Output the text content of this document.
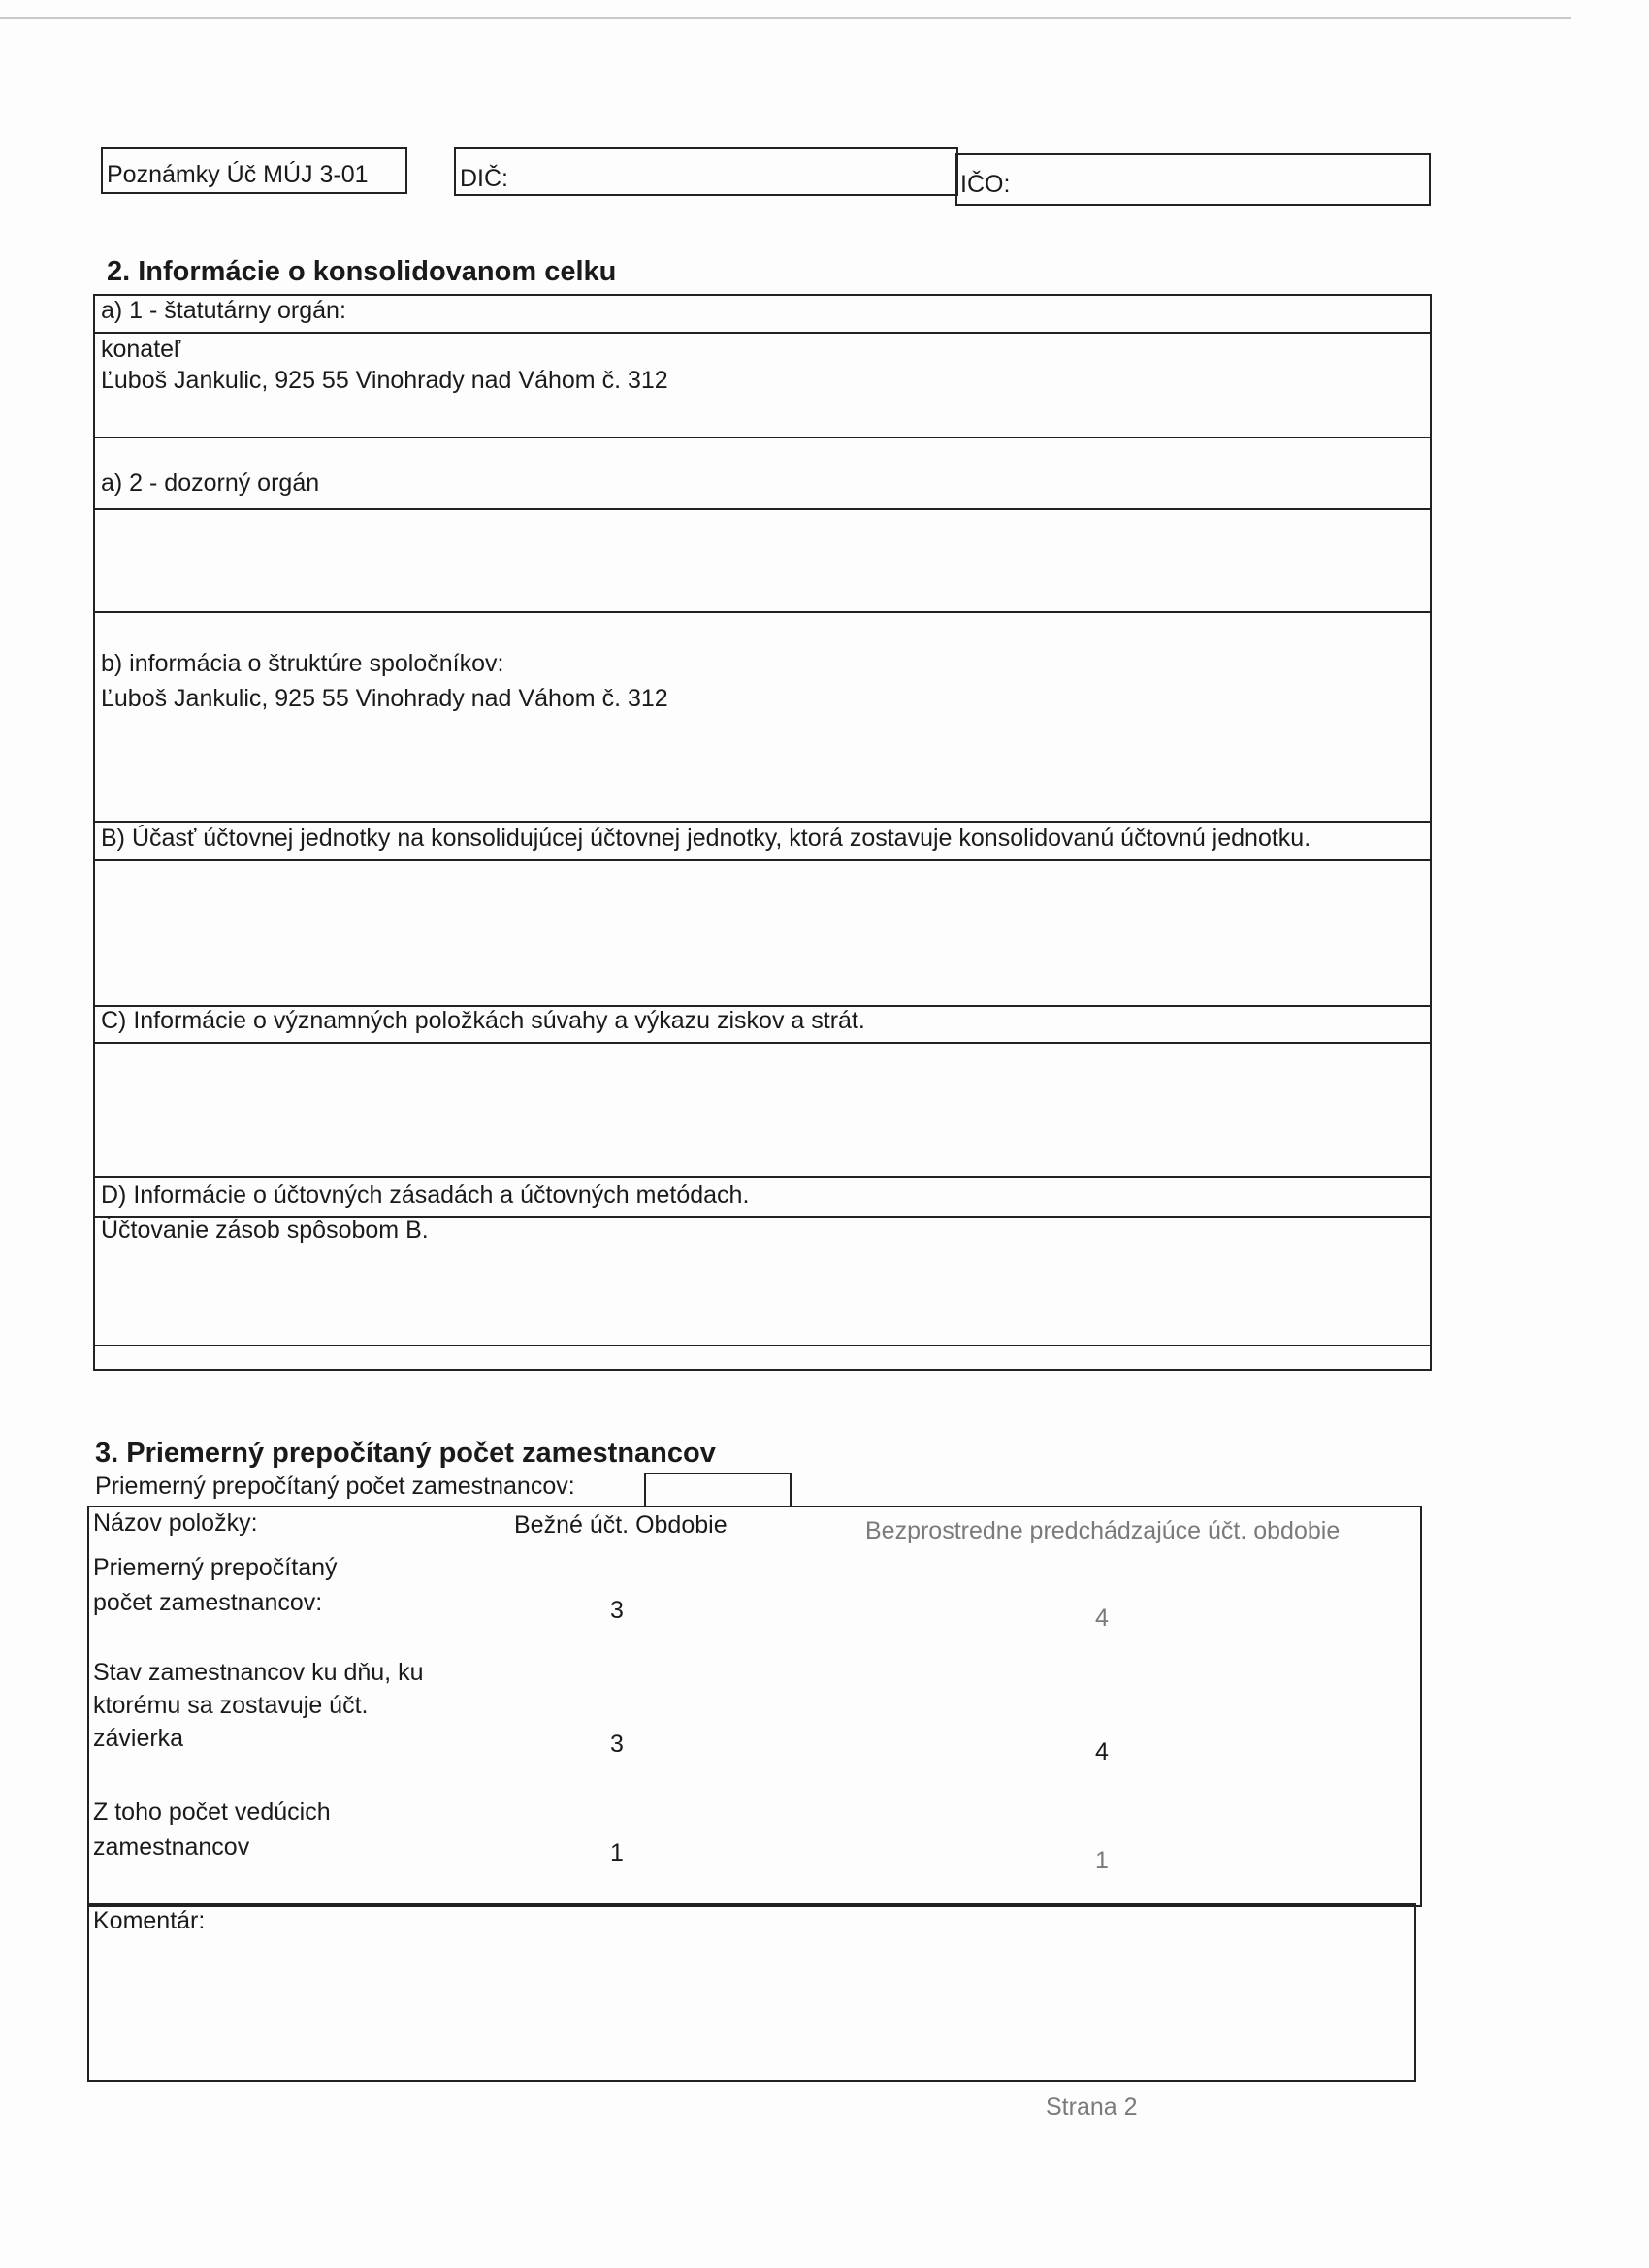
Poznámky Úč MÚJ 3-01	DIČ:	IČO:
2. Informácie o konsolidovanom celku
a) 1 - štatutárny orgán:
konateľ
Ľuboš Jankulic, 925 55 Vinohrady nad Váhom č. 312
a) 2 - dozorný orgán
b) informácia o štruktúre spoločníkov:
Ľuboš Jankulic, 925 55 Vinohrady nad Váhom č. 312
B) Účasť účtovnej jednotky na konsolidujúcej účtovnej jednotky, ktorá zostavuje konsolidovanú účtovnú jednotku.
C) Informácie o významných položkách súvahy a výkazu ziskov a strát.
D) Informácie o účtovných zásadách a účtovných metódach.
Účtovanie zásob spôsobom B.
3. Priemerný prepočítaný počet zamestnancov
Priemerný prepočítaný počet zamestnancov:
Názov položky:	Bežné účt. Obdobie	Bezprostredne predchádzajúce účt. obdobie
Priemerný prepočítaný
počet zamestnancov:	3	4
Stav zamestnancov ku dňu, ku
ktorému sa zostavuje účt.
závierka	3	4
Z toho počet vedúcich
zamestnancov	1	1
Komentár:
Strana 2
